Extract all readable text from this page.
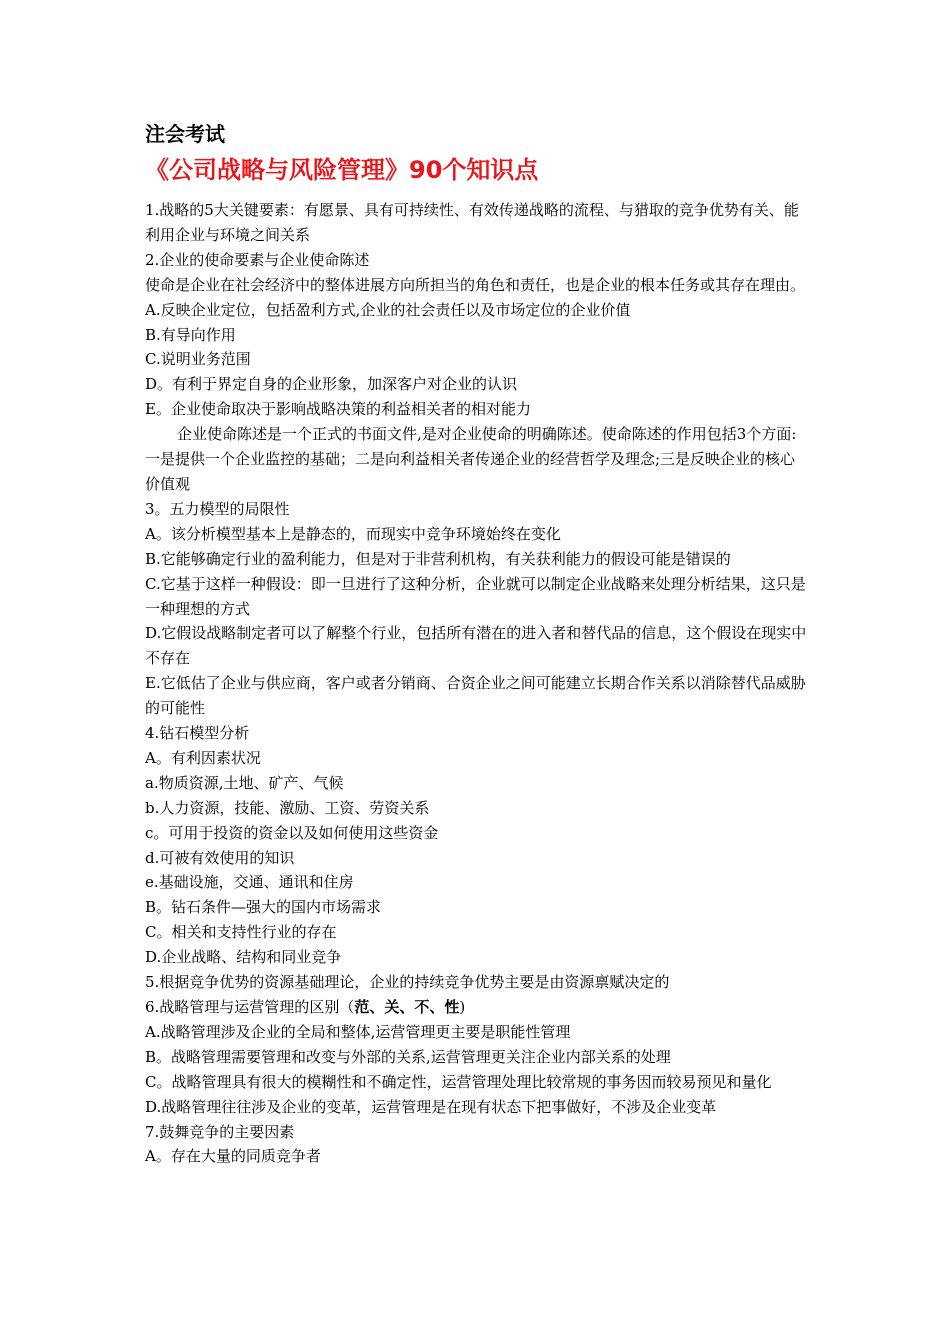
注会考试

《公司战略与风险管理》90个知识点

1.战略的5大关键要素：有愿景、具有可持续性、有效传递战略的流程、与猎取的竞争优势有关、能利用企业与环境之间关系

2.企业的使命要素与企业使命陈述

使命是企业在社会经济中的整体进展方向所担当的角色和责任，也是企业的根本任务或其存在理由。

A.反映企业定位，包括盈利方式,企业的社会责任以及市场定位的企业价值

B.有导向作用

C.说明业务范围

D。有利于界定自身的企业形象，加深客户对企业的认识

E。企业使命取决于影响战略决策的利益相关者的相对能力

企业使命陈述是一个正式的书面文件,是对企业使命的明确陈述。使命陈述的作用包括3个方面:一是提供一个企业监控的基础；二是向利益相关者传递企业的经营哲学及理念;三是反映企业的核心价值观

3。五力模型的局限性

A。该分析模型基本上是静态的，而现实中竞争环境始终在变化

B.它能够确定行业的盈利能力，但是对于非营利机构，有关获利能力的假设可能是错误的

C.它基于这样一种假设：即一旦进行了这种分析，企业就可以制定企业战略来处理分析结果，这只是一种理想的方式

D.它假设战略制定者可以了解整个行业，包括所有潜在的进入者和替代品的信息，这个假设在现实中不存在

E.它低估了企业与供应商，客户或者分销商、合资企业之间可能建立长期合作关系以消除替代品威胁的可能性

4.钻石模型分析

A。有利因素状况

a.物质资源,土地、矿产、气候

b.人力资源，技能、激励、工资、劳资关系

c。可用于投资的资金以及如何使用这些资金

d.可被有效使用的知识

e.基础设施，交通、通讯和住房

B。钻石条件—强大的国内市场需求

C。相关和支持性行业的存在

D.企业战略、结构和同业竞争

5.根据竞争优势的资源基础理论，企业的持续竞争优势主要是由资源禀赋决定的

6.战略管理与运营管理的区别（范、关、不、性)

A.战略管理涉及企业的全局和整体,运营管理更主要是职能性管理

B。战略管理需要管理和改变与外部的关系,运营管理更关注企业内部关系的处理

C。战略管理具有很大的模糊性和不确定性，运营管理处理比较常规的事务因而较易预见和量化

D.战略管理往往涉及企业的变革，运营管理是在现有状态下把事做好，不涉及企业变革

7.鼓舞竞争的主要因素

A。存在大量的同质竞争者
